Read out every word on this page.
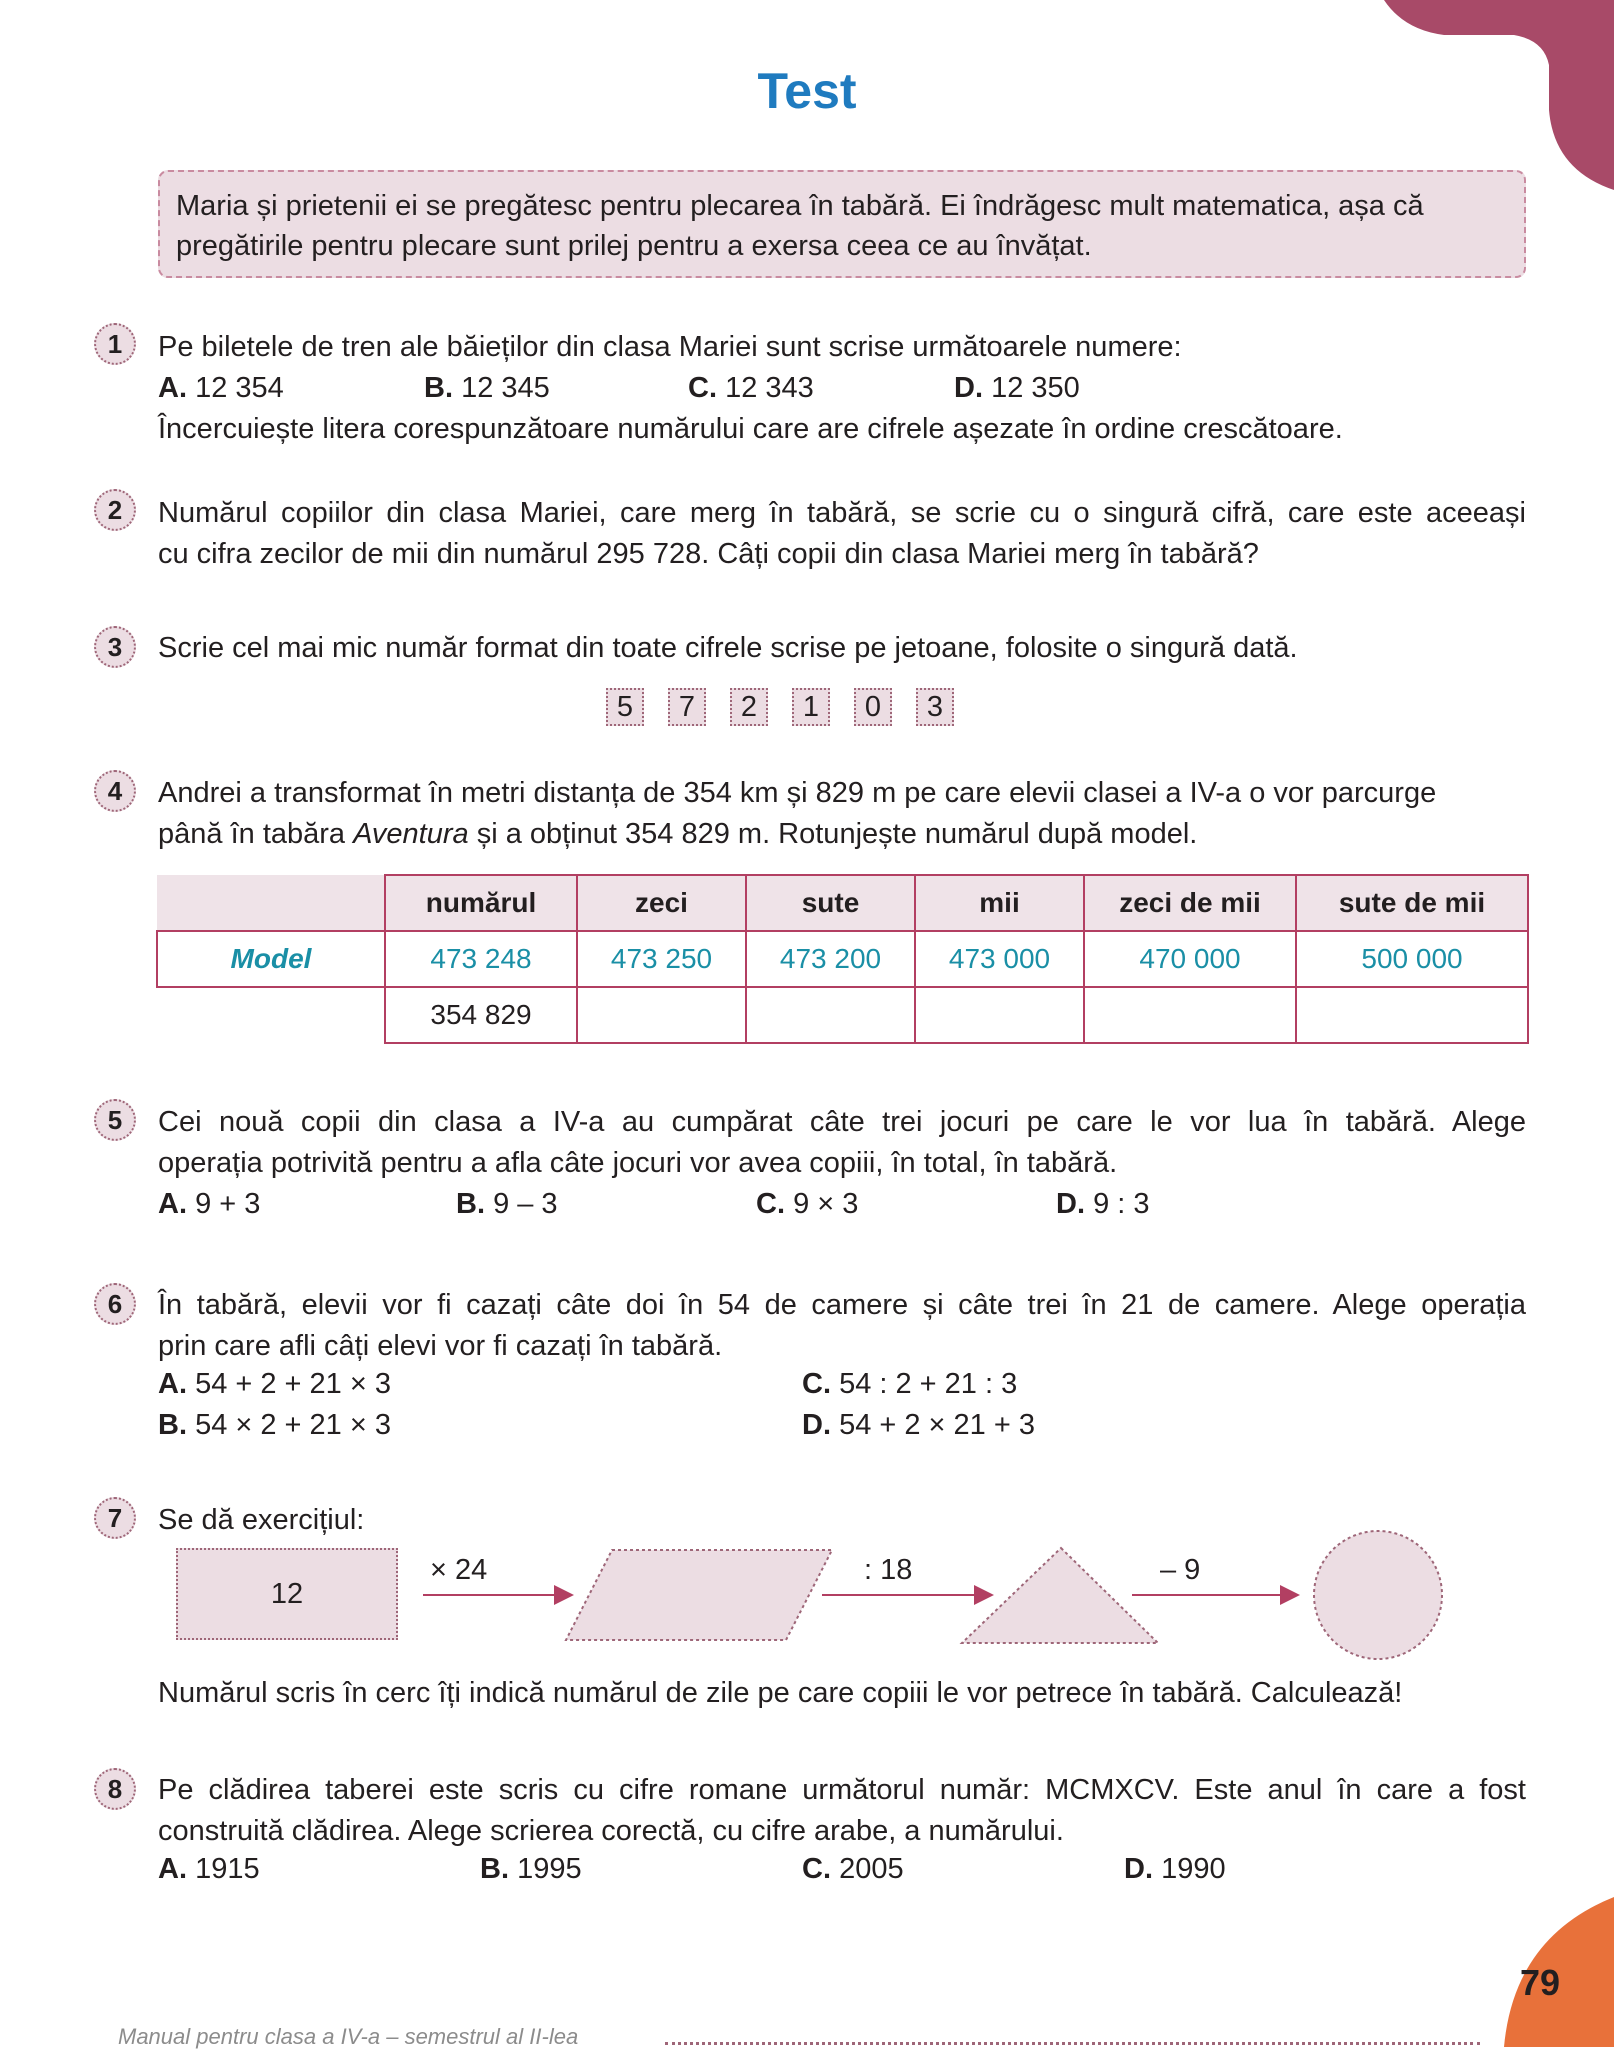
Test
Maria și prietenii ei se pregătesc pentru plecarea în tabără. Ei îndrăgesc mult matematica, așa că pregătirile pentru plecare sunt prilej pentru a exersa ceea ce au învățat.
1	Pe biletele de tren ale băieților din clasa Mariei sunt scrise următoarele numere:
A. 12 354	B. 12 345	C. 12 343	D. 12 350
Încercuiește litera corespunzătoare numărului care are cifrele așezate în ordine crescătoare.
2	Numărul copiilor din clasa Mariei, care merg în tabără, se scrie cu o singură cifră, care este aceeași
cu cifra zecilor de mii din numărul 295 728. Câți copii din clasa Mariei merg în tabără?
3	Scrie cel mai mic număr format din toate cifrele scrise pe jetoane, folosite o singură dată.
5	7	2	1	0	3
4	Andrei a transformat în metri distanța de 354 km și 829 m pe care elevii clasei a IV-a o vor parcurge
până în tabăra Aventura și a obținut 354 829 m. Rotunjește numărul după model.
	numărul	zeci	sute	mii	zeci de mii	sute de mii
Model	473 248	473 250	473 200	473 000	470 000	500 000
	354 829					
5	Cei nouă copii din clasa a IV-a au cumpărat câte trei jocuri pe care le vor lua în tabără. Alege
operația potrivită pentru a afla câte jocuri vor avea copiii, în total, în tabără.
A. 9 + 3	B. 9 – 3	C. 9 × 3	D. 9 : 3
6	În tabără, elevii vor fi cazați câte doi în 54 de camere și câte trei în 21 de camere. Alege operația
prin care afli câți elevi vor fi cazați în tabără.
A. 54 + 2 + 21 × 3
B. 54 × 2 + 21 × 3
C. 54 : 2 + 21 : 3
D. 54 + 2 × 21 + 3
7	Se dă exercițiul:
12
× 24	: 18	– 9
Numărul scris în cerc îți indică numărul de zile pe care copiii le vor petrece în tabără. Calculează!
8	Pe clădirea taberei este scris cu cifre romane următorul număr: MCMXCV. Este anul în care a fost
construită clădirea. Alege scrierea corectă, cu cifre arabe, a numărului.
A. 1915	B. 1995	C. 2005	D. 1990
Manual pentru clasa a IV-a – semestrul al II-lea
79
